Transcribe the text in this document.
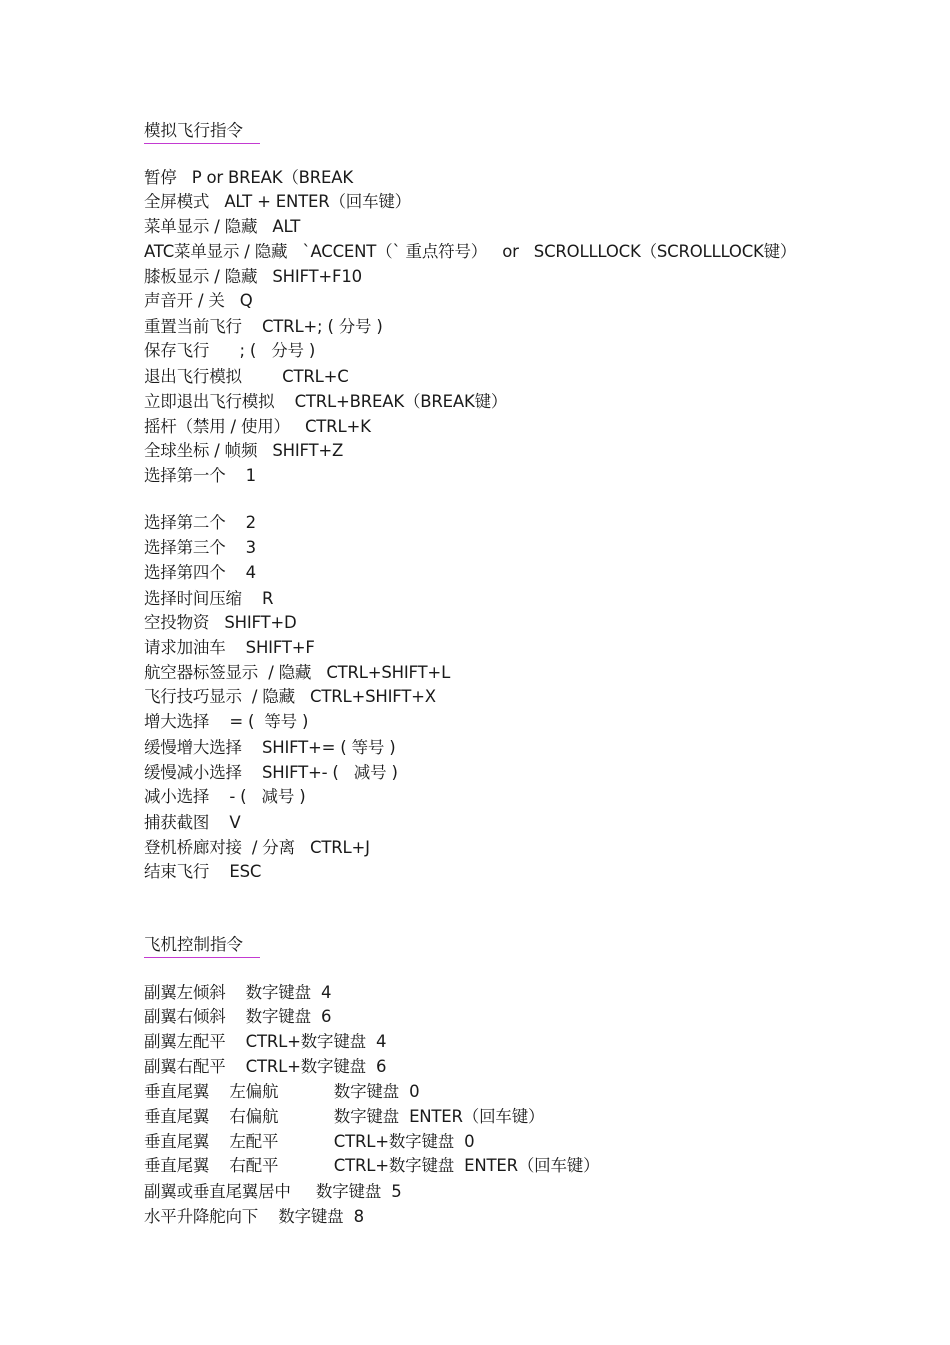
模拟飞行指令
暂停   P or BREAK（BREAK
全屏模式   ALT + ENTER（回车键）
菜单显示 / 隐藏   ALT
ATC菜单显示 / 隐藏   `ACCENT（` 重点符号）   or   SCROLLLOCK（SCROLLLOCK键）
膝板显示 / 隐藏   SHIFT+F10
声音开 / 关   Q
重置当前飞行    CTRL+; ( 分号 )
保存飞行      ; (   分号 )
退出飞行模拟        CTRL+C
立即退出飞行模拟    CTRL+BREAK（BREAK键）
摇杆（禁用 / 使用）   CTRL+K
全球坐标 / 帧频   SHIFT+Z
选择第一个    1
选择第二个    2
选择第三个    3
选择第四个    4
选择时间压缩    R
空投物资   SHIFT+D
请求加油车    SHIFT+F
航空器标签显示  / 隐藏   CTRL+SHIFT+L
飞行技巧显示  / 隐藏   CTRL+SHIFT+X
增大选择    = (  等号 )
缓慢增大选择    SHIFT+= ( 等号 )
缓慢减小选择    SHIFT+- (   减号 )
减小选择    - (   减号 )
捕获截图    V
登机桥廊对接  / 分离   CTRL+J
结束飞行    ESC
飞机控制指令
副翼左倾斜    数字键盘  4
副翼右倾斜    数字键盘  6
副翼左配平    CTRL+数字键盘  4
副翼右配平    CTRL+数字键盘  6
垂直尾翼    左偏航           数字键盘  0
垂直尾翼    右偏航           数字键盘  ENTER（回车键）
垂直尾翼    左配平           CTRL+数字键盘  0
垂直尾翼    右配平           CTRL+数字键盘  ENTER（回车键）
副翼或垂直尾翼居中     数字键盘  5
水平升降舵向下    数字键盘  8
